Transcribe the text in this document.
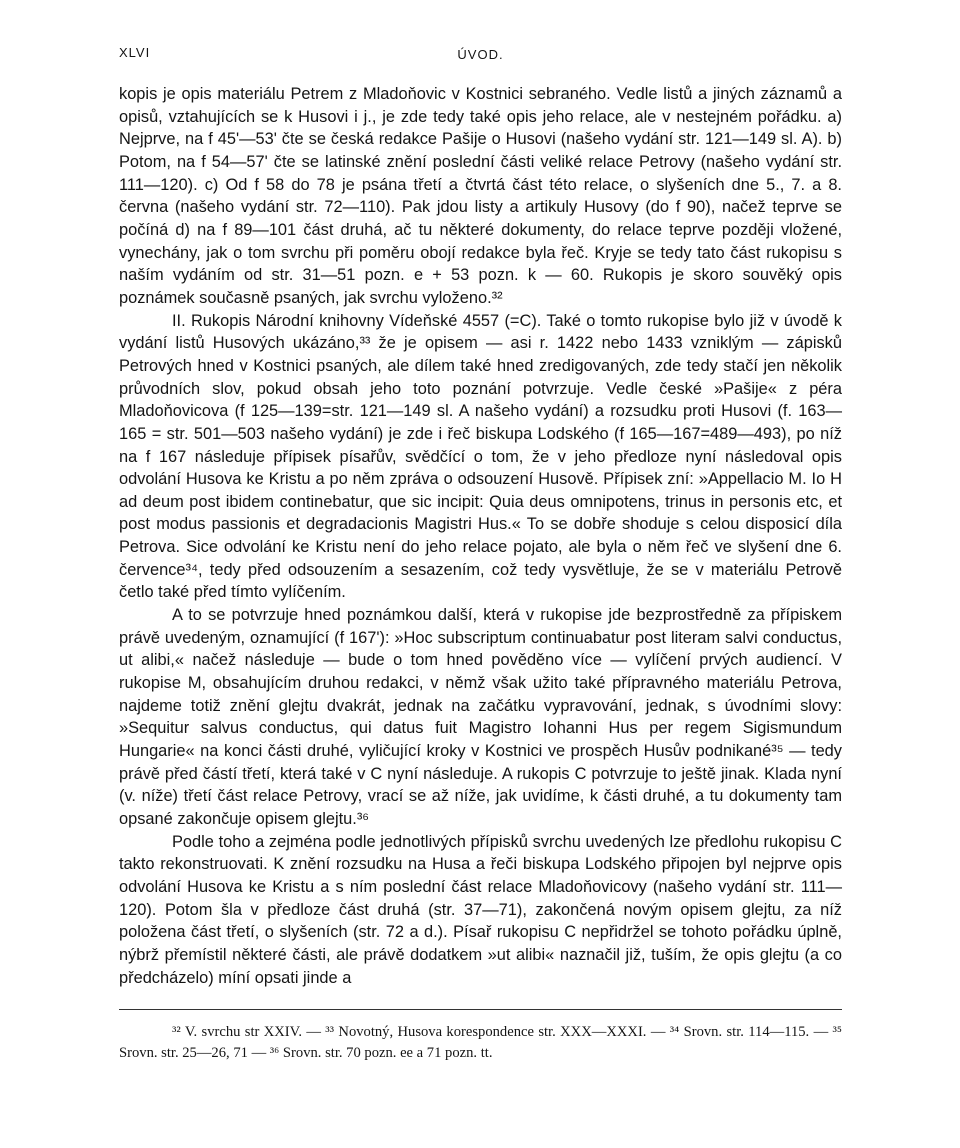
XLVI	ÚVOD.

kopis je opis materiálu Petrem z Mladoňovic v Kostnici sebraného. Vedle listů a jiných záznamů a opisů, vztahujících se k Husovi i j., je zde tedy také opis jeho relace, ale v nestejném pořádku. a) Nejprve, na f 45'—53' čte se česká redakce Pašije o Husovi (našeho vydání str. 121—149 sl. A). b) Potom, na f 54—57' čte se latinské znění poslední části veliké relace Petrovy (našeho vydání str. 111—120). c) Od f 58 do 78 je psána třetí a čtvrtá část této relace, o slyšeních dne 5., 7. a 8. června (našeho vydání str. 72—110). Pak jdou listy a artikuly Husovy (do f 90), načež teprve se počíná d) na f 89—101 část druhá, ač tu některé dokumenty, do relace teprve později vložené, vynechány, jak o tom svrchu při poměru obojí redakce byla řeč. Kryje se tedy tato část rukopisu s naším vydáním od str. 31—51 pozn. e + 53 pozn. k — 60. Rukopis je skoro souvěký opis poznámek současně psaných, jak svrchu vyloženo.³²

II. Rukopis Národní knihovny Vídeňské 4557 (=C). Také o tomto rukopise bylo již v úvodě k vydání listů Husových ukázáno,³³ že je opisem — asi r. 1422 nebo 1433 vzniklým — zápisků Petrových hned v Kostnici psaných, ale dílem také hned zredigovaných, zde tedy stačí jen několik průvodních slov, pokud obsah jeho toto poznání potvrzuje. Vedle české »Pašije« z péra Mladoňovicova (f 125—139=str. 121—149 sl. A našeho vydání) a rozsudku proti Husovi (f. 163—165 = str. 501—503 našeho vydání) je zde i řeč biskupa Lodského (f 165—167=489—493), po níž na f 167 následuje přípisek písařův, svědčící o tom, že v jeho předloze nyní následoval opis odvolání Husova ke Kristu a po něm zpráva o odsouzení Husově. Přípisek zní: »Appellacio M. Io H ad deum post ibidem continebatur, que sic incipit: Quia deus omnipotens, trinus in personis etc, et post modus passionis et degradacionis Magistri Hus.« To se dobře shoduje s celou disposicí díla Petrova. Sice odvolání ke Kristu není do jeho relace pojato, ale byla o něm řeč ve slyšení dne 6. července³⁴, tedy před odsouzením a sesazením, což tedy vysvětluje, že se v materiálu Petrově četlo také před tímto vylíčením.

A to se potvrzuje hned poznámkou další, která v rukopise jde bezprostředně za přípiskem právě uvedeným, oznamující (f 167'): »Hoc subscriptum continuabatur post literam salvi conductus, ut alibi,« načež následuje — bude o tom hned pověděno více — vylíčení prvých audiencí. V rukopise M, obsahujícím druhou redakci, v němž však užito také přípravného materiálu Petrova, najdeme totiž znění glejtu dvakrát, jednak na začátku vypravování, jednak, s úvodními slovy: »Sequitur salvus conductus, qui datus fuit Magistro Iohanni Hus per regem Sigismundum Hungarie« na konci části druhé, vyličující kroky v Kostnici ve prospěch Husův podnikané³⁵ — tedy právě před částí třetí, která také v C nyní následuje. A rukopis C potvrzuje to ještě jinak. Klada nyní (v. níže) třetí část relace Petrovy, vrací se až níže, jak uvidíme, k části druhé, a tu dokumenty tam opsané zakončuje opisem glejtu.³⁶

Podle toho a zejména podle jednotlivých přípisků svrchu uvedených lze předlohu rukopisu C takto rekonstruovati. K znění rozsudku na Husa a řeči biskupa Lodského připojen byl nejprve opis odvolání Husova ke Kristu a s ním poslední část relace Mladoňovicovy (našeho vydání str. 111—120). Potom šla v předloze část druhá (str. 37—71), zakončená novým opisem glejtu, za níž položena část třetí, o slyšeních (str. 72 a d.). Písař rukopisu C nepřidržel se tohoto pořádku úplně, nýbrž přemístil některé části, ale právě dodatkem »ut alibi« naznačil již, tuším, že opis glejtu (a co předcházelo) míní opsati jinde a

³² V. svrchu str XXIV. — ³³ Novotný, Husova korespondence str. XXX—XXXI. — ³⁴ Srovn. str. 114—115. — ³⁵ Srovn. str. 25—26, 71 — ³⁶ Srovn. str. 70 pozn. ee a 71 pozn. tt.
